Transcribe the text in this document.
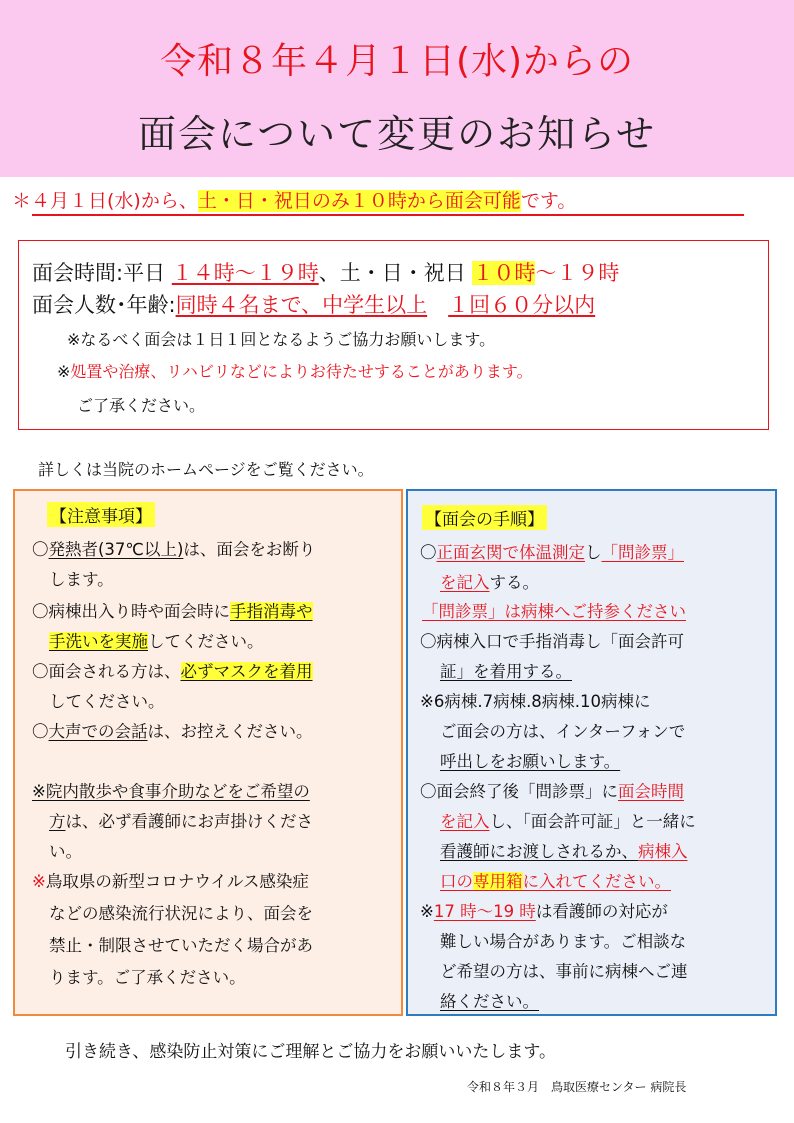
令和８年４月１日(水)からの
面会について変更のお知らせ
＊４月１日(水)から、土・日・祝日のみ１０時から面会可能です。
面会時間:平日 １４時～１９時、土・日・祝日 １０時～１９時
面会人数･年齢:同時４名まで、中学生以上　 １回６０分以内
※なるべく面会は１日１回となるようご協力お願いします。
※処置や治療、リハビリなどによりお待たせすることがあります。
ご了承ください。
詳しくは当院のホームページをご覧ください。
【注意事項】
〇発熱者(37℃以上)は、面会をお断り
します。
〇病棟出入り時や面会時に手指消毒や
手洗いを実施してください。
〇面会される方は、必ずマスクを着用
してください。
〇大声での会話は、お控えください。
※院内散歩や食事介助などをご希望の
方は、必ず看護師にお声掛けくださ
い。
※鳥取県の新型コロナウイルス感染症
などの感染流行状況により、面会を
禁止・制限させていただく場合があ
ります。ご了承ください。
【面会の手順】
〇正面玄関で体温測定し「問診票」
を記入する。
「問診票」は病棟へご持参ください
〇病棟入口で手指消毒し「面会許可
証」を着用する。
※6病棟.7病棟.8病棟.10病棟に
ご面会の方は、インターフォンで
呼出しをお願いします。
〇面会終了後「問診票」に面会時間
を記入し、「面会許可証」と一緒に
看護師にお渡しされるか、病棟入
口の専用箱に入れてください。
※17 時～19 時は看護師の対応が
難しい場合があります。ご相談な
ど希望の方は、事前に病棟へご連
絡ください。
引き続き、感染防止対策にご理解とご協力をお願いいたします。
令和８年３月　鳥取医療センター 病院長
